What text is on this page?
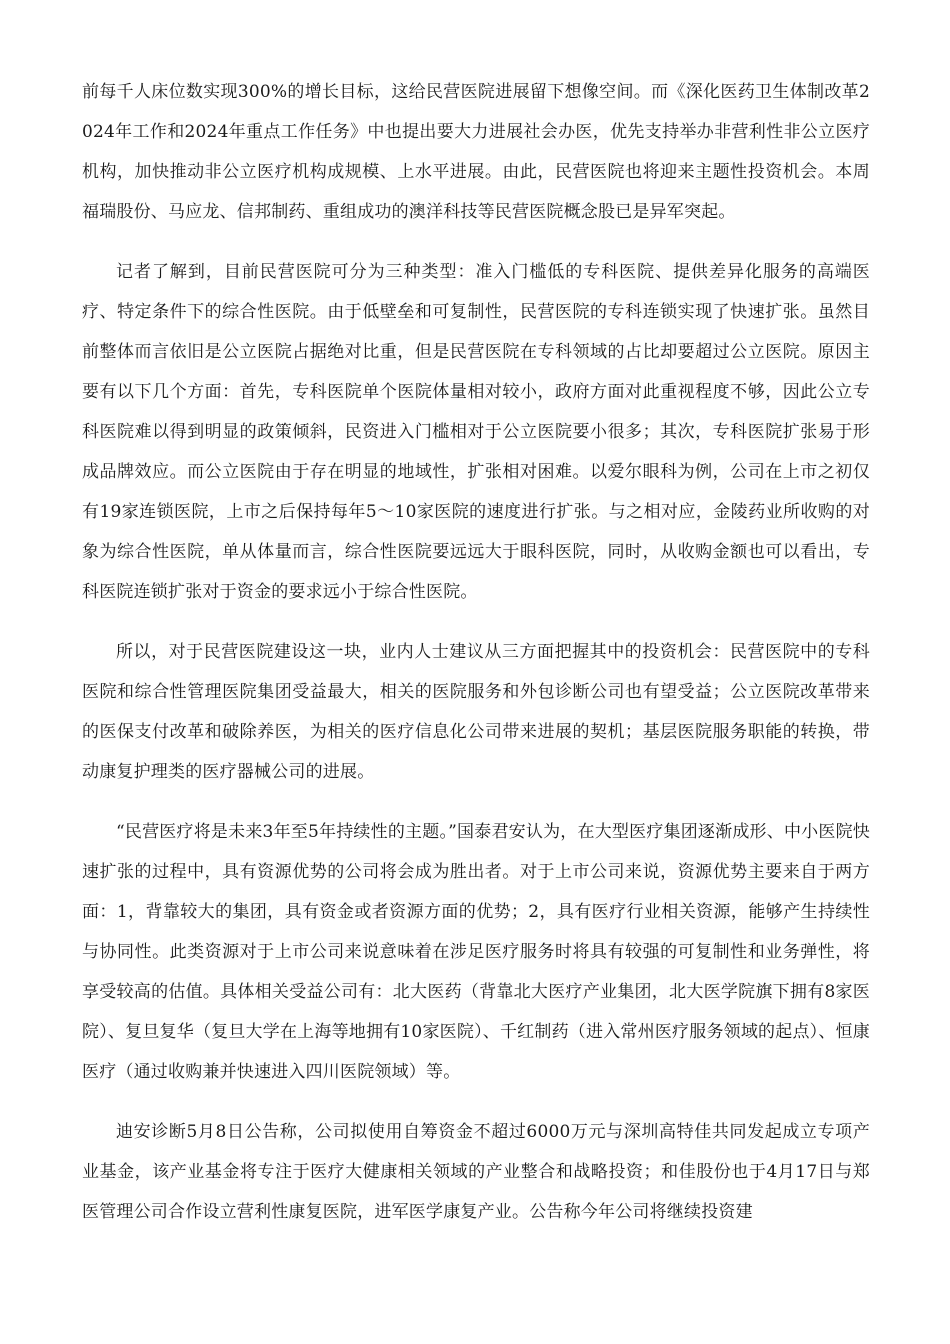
前每千人床位数实现300%的增长目标，这给民营医院进展留下想像空间。而《深化医药卫生体制改革2024年工作和2024年重点工作任务》中也提出要大力进展社会办医，优先支持举办非营利性非公立医疗机构，加快推动非公立医疗机构成规模、上水平进展。由此，民营医院也将迎来主题性投资机会。本周福瑞股份、马应龙、信邦制药、重组成功的澳洋科技等民营医院概念股已是异军突起。

记者了解到，目前民营医院可分为三种类型：准入门槛低的专科医院、提供差异化服务的高端医疗、特定条件下的综合性医院。由于低壁垒和可复制性，民营医院的专科连锁实现了快速扩张。虽然目前整体而言依旧是公立医院占据绝对比重，但是民营医院在专科领域的占比却要超过公立医院。原因主要有以下几个方面：首先，专科医院单个医院体量相对较小，政府方面对此重视程度不够，因此公立专科医院难以得到明显的政策倾斜，民资进入门槛相对于公立医院要小很多；其次，专科医院扩张易于形成品牌效应。而公立医院由于存在明显的地域性，扩张相对困难。以爱尔眼科为例，公司在上市之初仅有19家连锁医院，上市之后保持每年5～10家医院的速度进行扩张。与之相对应，金陵药业所收购的对象为综合性医院，单从体量而言，综合性医院要远远大于眼科医院，同时，从收购金额也可以看出，专科医院连锁扩张对于资金的要求远小于综合性医院。

所以，对于民营医院建设这一块，业内人士建议从三方面把握其中的投资机会：民营医院中的专科医院和综合性管理医院集团受益最大，相关的医院服务和外包诊断公司也有望受益；公立医院改革带来的医保支付改革和破除养医，为相关的医疗信息化公司带来进展的契机；基层医院服务职能的转换，带动康复护理类的医疗器械公司的进展。

“民营医疗将是未来3年至5年持续性的主题。”国泰君安认为，在大型医疗集团逐渐成形、中小医院快速扩张的过程中，具有资源优势的公司将会成为胜出者。对于上市公司来说，资源优势主要来自于两方面：1，背靠较大的集团，具有资金或者资源方面的优势；2，具有医疗行业相关资源，能够产生持续性与协同性。此类资源对于上市公司来说意味着在涉足医疗服务时将具有较强的可复制性和业务弹性，将享受较高的估值。具体相关受益公司有：北大医药（背靠北大医疗产业集团，北大医学院旗下拥有8家医院）、复旦复华（复旦大学在上海等地拥有10家医院）、千红制药（进入常州医疗服务领域的起点）、恒康医疗（通过收购兼并快速进入四川医院领域）等。

迪安诊断5月8日公告称，公司拟使用自筹资金不超过6000万元与深圳高特佳共同发起成立专项产业基金，该产业基金将专注于医疗大健康相关领域的产业整合和战略投资；和佳股份也于4月17日与郑医管理公司合作设立营利性康复医院，进军医学康复产业。公告称今年公司将继续投资建
